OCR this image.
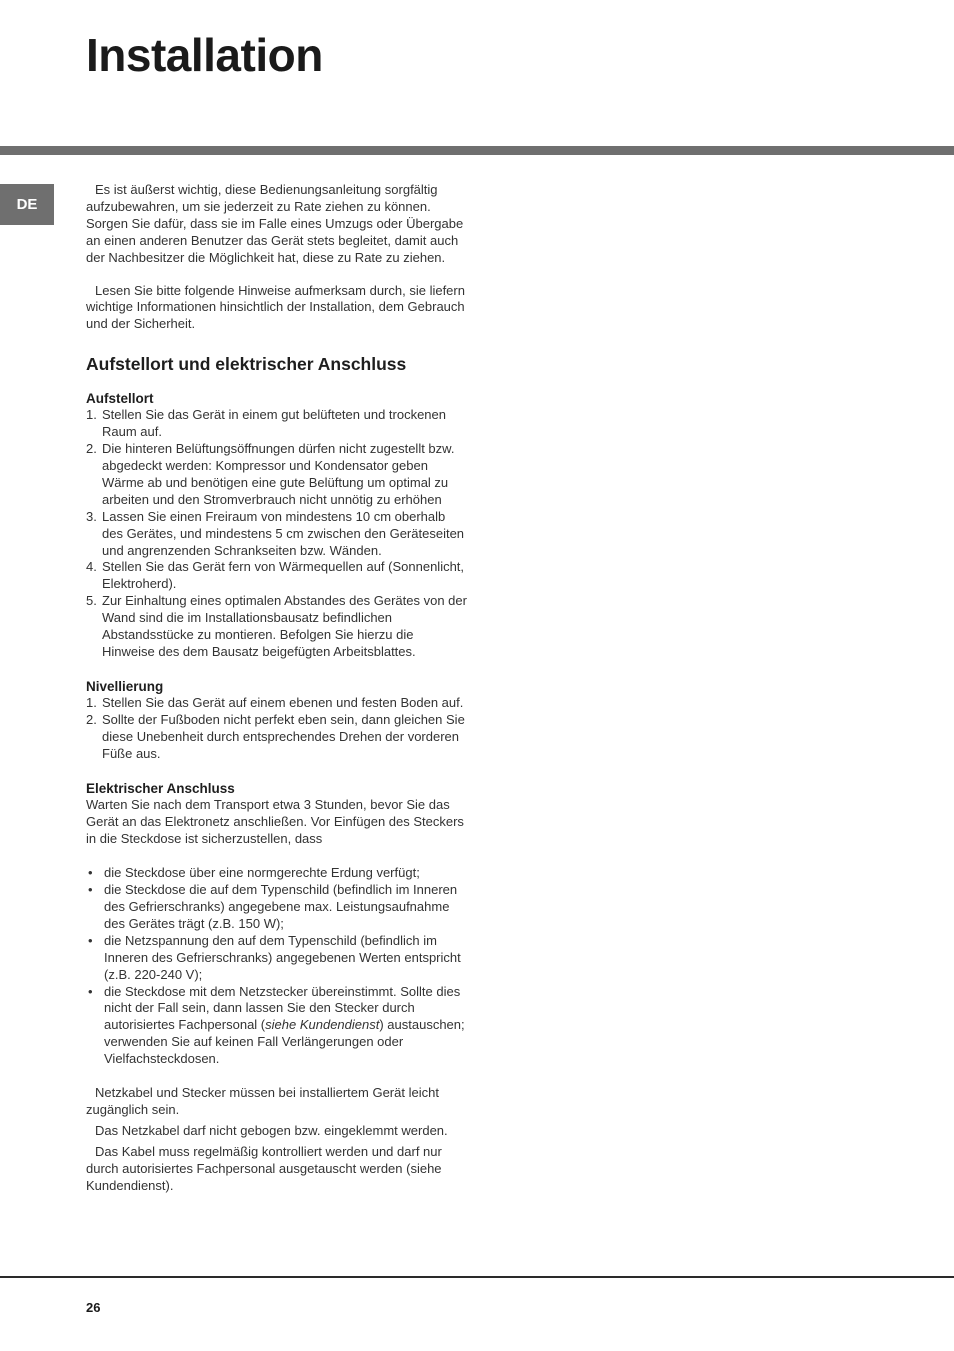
Installation
DE

Es ist äußerst wichtig, diese Bedienungsanleitung sorgfältig aufzubewahren, um sie jederzeit zu Rate ziehen zu können. Sorgen Sie dafür, dass sie im Falle eines Umzugs oder Übergabe an einen anderen Benutzer das Gerät stets begleitet, damit auch der Nachbesitzer die Möglichkeit hat, diese zu Rate zu ziehen.

Lesen Sie bitte folgende Hinweise aufmerksam durch, sie liefern wichtige Informationen hinsichtlich der Installation, dem Gebrauch und der Sicherheit.

Aufstellort und elektrischer Anschluss
Aufstellort
1. Stellen Sie das Gerät in einem gut belüfteten und trockenen Raum auf.
2. Die hinteren Belüftungsöffnungen dürfen nicht zugestellt bzw. abgedeckt werden: Kompressor und Kondensator geben Wärme ab und benötigen eine gute Belüftung um optimal zu arbeiten und den Stromverbrauch nicht unnötig zu erhöhen
3. Lassen Sie einen Freiraum von mindestens 10 cm oberhalb des Gerätes, und mindestens 5 cm zwischen den Geräteseiten und angrenzenden Schrankseiten bzw. Wänden.
4. Stellen Sie das Gerät fern von Wärmequellen auf (Sonnenlicht, Elektroherd).
5. Zur Einhaltung eines optimalen Abstandes des Gerätes von der Wand sind die im Installationsbausatz befindlichen Abstandsstücke zu montieren. Befolgen Sie hierzu die Hinweise des dem Bausatz beigefügten Arbeitsblattes.
Nivellierung
1. Stellen Sie das Gerät auf einem ebenen und festen Boden auf.
2. Sollte der Fußboden nicht perfekt eben sein, dann gleichen Sie diese Unebenheit durch entsprechendes Drehen der vorderen Füße aus.
Elektrischer Anschluss

Warten Sie nach dem Transport etwa 3 Stunden, bevor Sie das Gerät an das Elektronetz anschließen. Vor Einfügen des Steckers in die Steckdose ist sicherzustellen, dass

• die Steckdose über eine normgerechte Erdung verfügt;
• die Steckdose die auf dem Typenschild (befindlich im Inneren des Gefrierschranks) angegebene max. Leistungsaufnahme des Gerätes trägt (z.B. 150 W);
• die Netzspannung den auf dem Typenschild (befindlich im Inneren des Gefrierschranks) angegebenen Werten entspricht (z.B. 220-240 V);
• die Steckdose mit dem Netzstecker übereinstimmt. Sollte dies nicht der Fall sein, dann lassen Sie den Stecker durch autorisiertes Fachpersonal (siehe Kundendienst) austauschen; verwenden Sie auf keinen Fall Verlängerungen oder Vielfachsteckdosen.

Netzkabel und Stecker müssen bei installiertem Gerät leicht zugänglich sein.

Das Netzkabel darf nicht gebogen bzw. eingeklemmt werden.

Das Kabel muss regelmäßig kontrolliert werden und darf nur durch autorisiertes Fachpersonal ausgetauscht werden (siehe Kundendienst).

26
